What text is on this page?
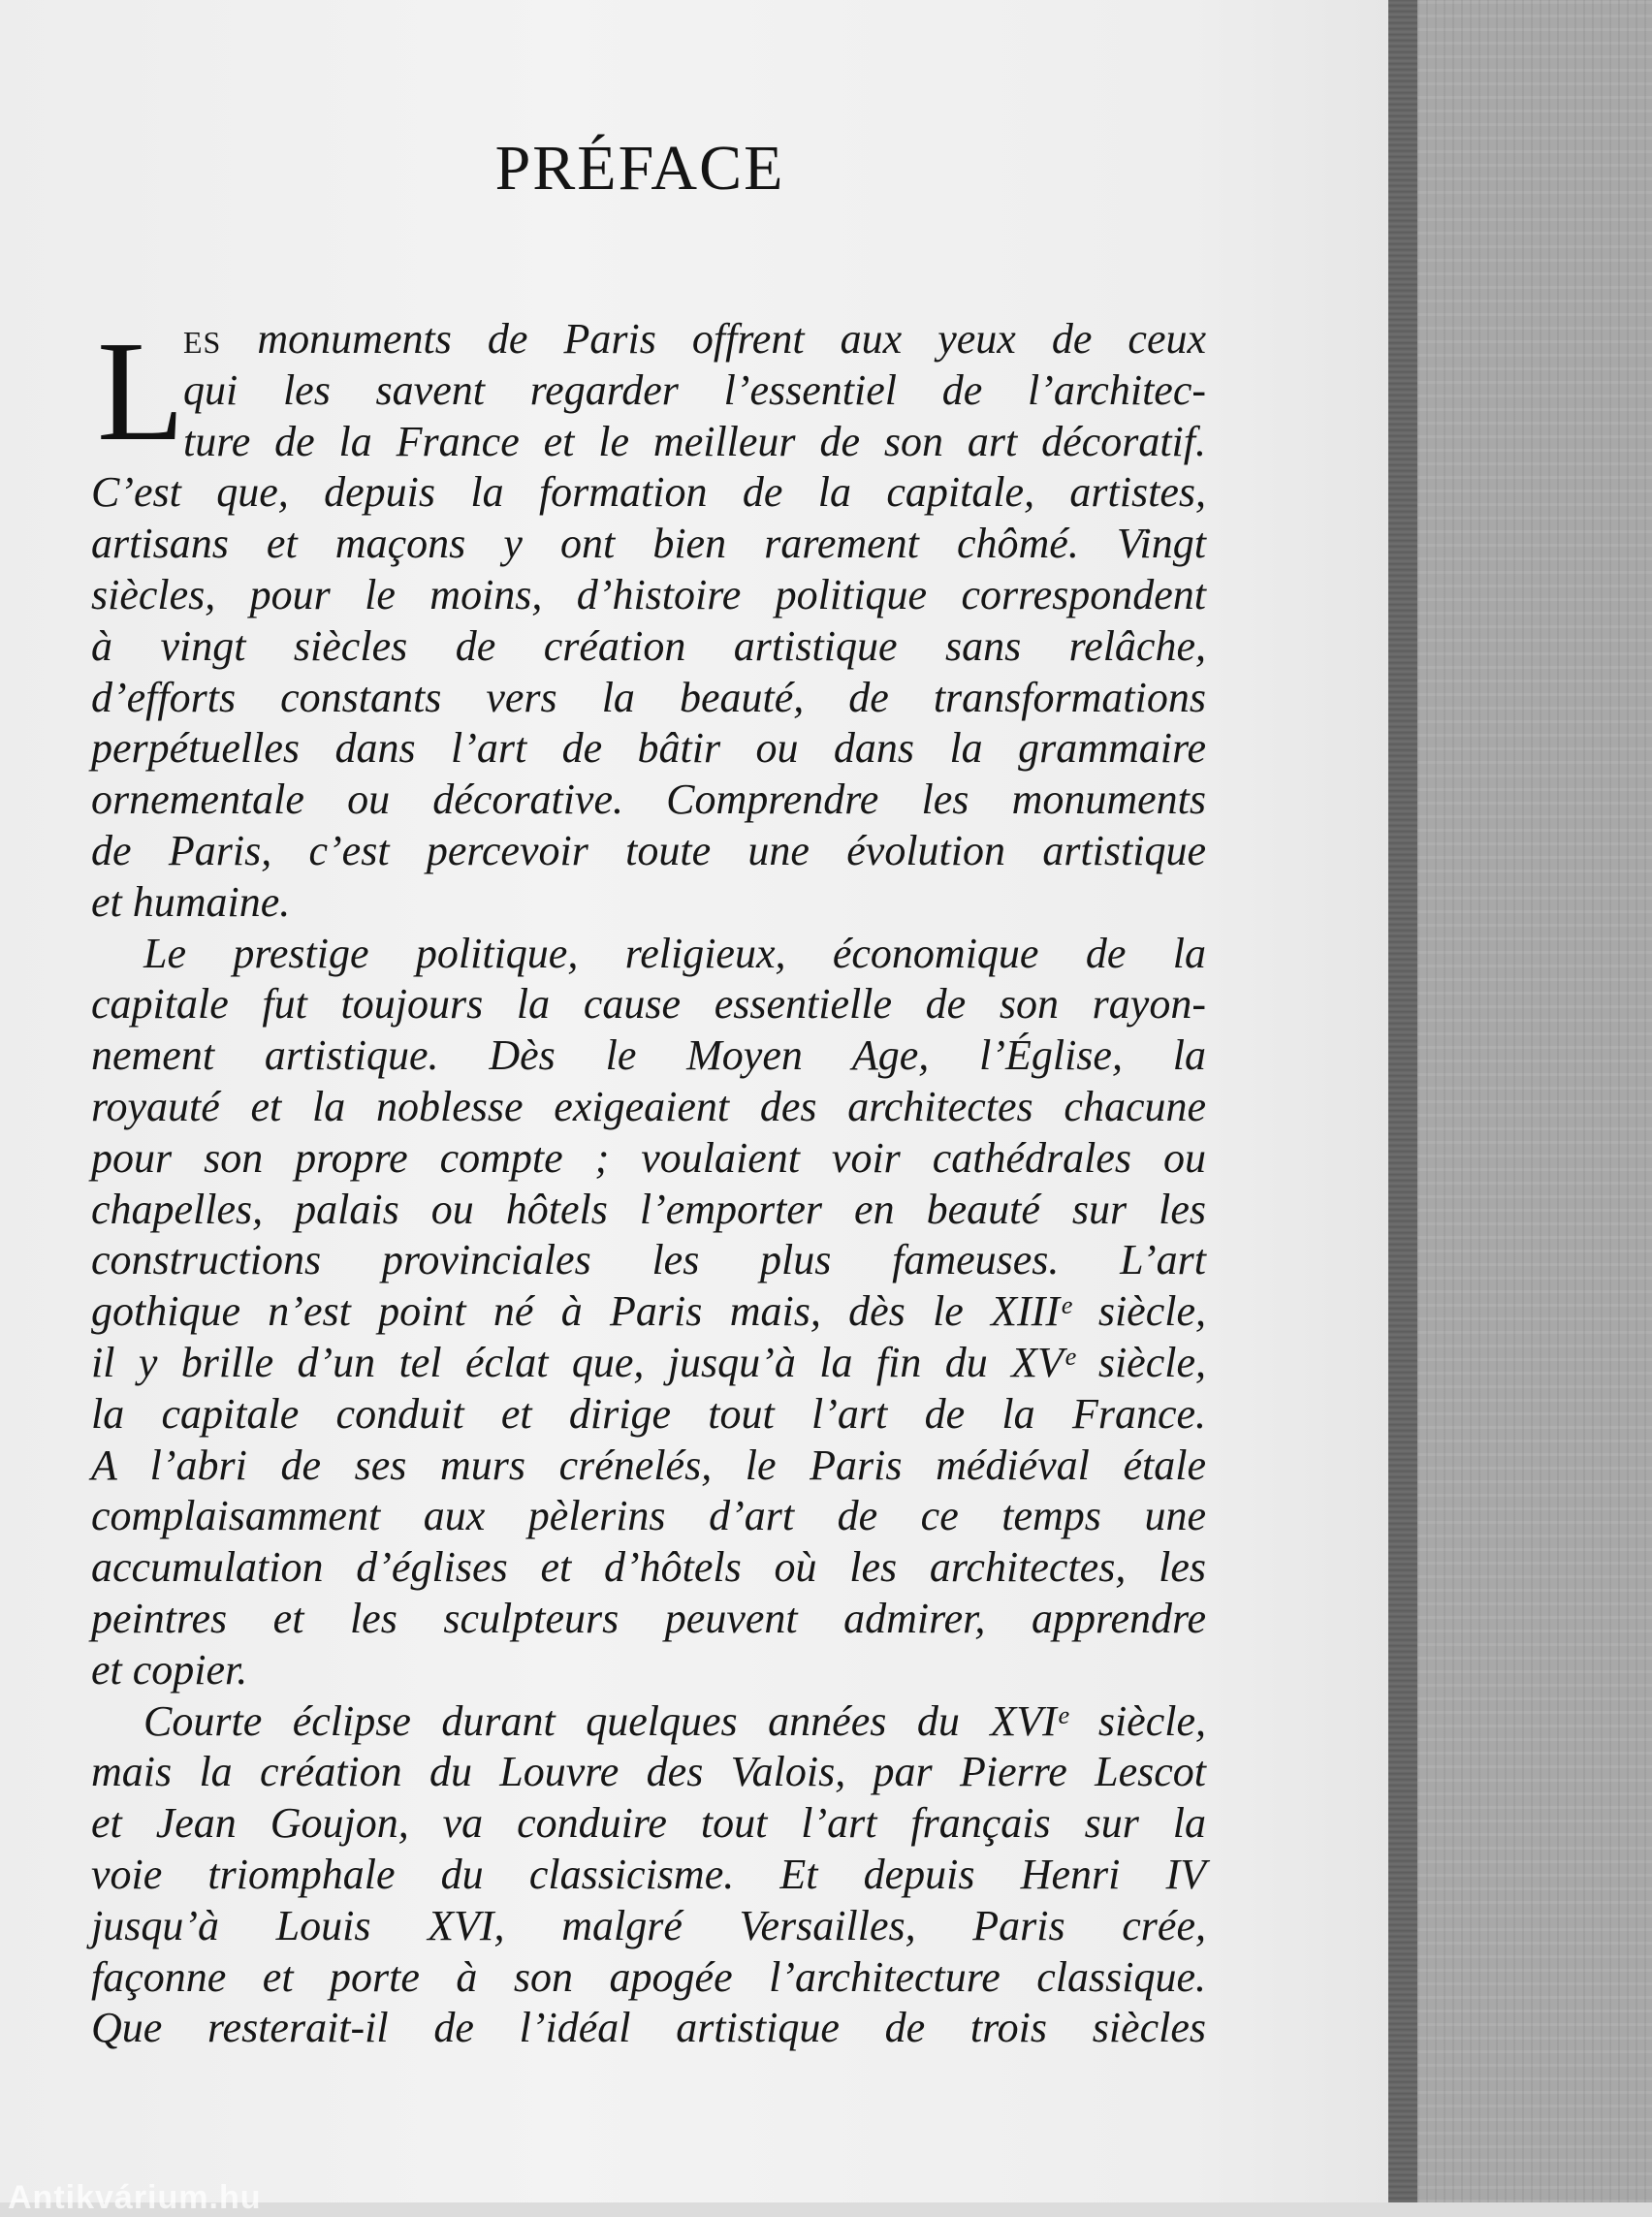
PRÉFACE
L
ES monuments de Paris offrent aux yeux de ceux
qui les savent regarder l’essentiel de l’architec-
ture de la France et le meilleur de son art décoratif.
C’est que, depuis la formation de la capitale, artistes,
artisans et maçons y ont bien rarement chômé. Vingt
siècles, pour le moins, d’histoire politique correspondent
à vingt siècles de création artistique sans relâche,
d’efforts constants vers la beauté, de transformations
perpétuelles dans l’art de bâtir ou dans la grammaire
ornementale ou décorative. Comprendre les monuments
de Paris, c’est percevoir toute une évolution artistique
et humaine.
Le prestige politique, religieux, économique de la
capitale fut toujours la cause essentielle de son rayon-
nement artistique. Dès le Moyen Age, l’Église, la
royauté et la noblesse exigeaient des architectes chacune
pour son propre compte ; voulaient voir cathédrales ou
chapelles, palais ou hôtels l’emporter en beauté sur les
constructions provinciales les plus fameuses. L’art
gothique n’est point né à Paris mais, dès le XIIIᵉ siècle,
il y brille d’un tel éclat que, jusqu’à la fin du XVᵉ siècle,
la capitale conduit et dirige tout l’art de la France.
A l’abri de ses murs crénelés, le Paris médiéval étale
complaisamment aux pèlerins d’art de ce temps une
accumulation d’églises et d’hôtels où les architectes, les
peintres et les sculpteurs peuvent admirer, apprendre
et copier.
Courte éclipse durant quelques années du XVIᵉ siècle,
mais la création du Louvre des Valois, par Pierre Lescot
et Jean Goujon, va conduire tout l’art français sur la
voie triomphale du classicisme. Et depuis Henri IV
jusqu’à Louis XVI, malgré Versailles, Paris crée,
façonne et porte à son apogée l’architecture classique.
Que resterait-il de l’idéal artistique de trois siècles
Antikvárium.hu
